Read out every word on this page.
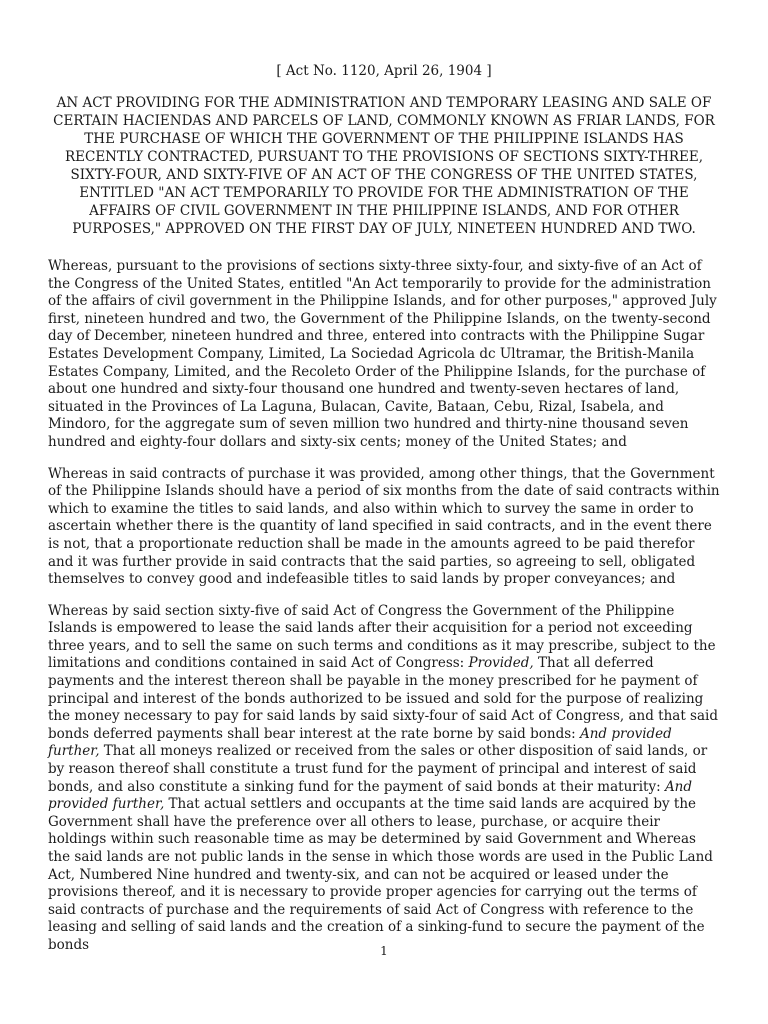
[ Act No. 1120, April 26, 1904 ]

AN ACT PROVIDING FOR THE ADMINISTRATION AND TEMPORARY LEASING AND SALE OF CERTAIN HACIENDAS AND PARCELS OF LAND, COMMONLY KNOWN AS FRIAR LANDS, FOR THE PURCHASE OF WHICH THE GOVERNMENT OF THE PHILIPPINE ISLANDS HAS RECENTLY CONTRACTED, PURSUANT TO THE PROVISIONS OF SECTIONS SIXTY-THREE, SIXTY-FOUR, AND SIXTY-FIVE OF AN ACT OF THE CONGRESS OF THE UNITED STATES, ENTITLED "AN ACT TEMPORARILY TO PROVIDE FOR THE ADMINISTRATION OF THE AFFAIRS OF CIVIL GOVERNMENT IN THE PHILIPPINE ISLANDS, AND FOR OTHER PURPOSES," APPROVED ON THE FIRST DAY OF JULY, NINETEEN HUNDRED AND TWO.

Whereas, pursuant to the provisions of sections sixty-three sixty-four, and sixty-five of an Act of the Congress of the United States, entitled "An Act temporarily to provide for the administration of the affairs of civil government in the Philippine Islands, and for other purposes," approved July first, nineteen hundred and two, the Government of the Philippine Islands, on the twenty-second day of December, nineteen hundred and three, entered into contracts with the Philippine Sugar Estates Development Company, Limited, La Sociedad Agricola dc Ultramar, the British-Manila Estates Company, Limited, and the Recoleto Order of the Philippine Islands, for the purchase of about one hundred and sixty-four thousand one hundred and twenty-seven hectares of land, situated in the Provinces of La Laguna, Bulacan, Cavite, Bataan, Cebu, Rizal, Isabela, and Mindoro, for the aggregate sum of seven million two hundred and thirty-nine thousand seven hundred and eighty-four dollars and sixty-six cents; money of the United States; and

Whereas in said contracts of purchase it was provided, among other things, that the Government of the Philippine Islands should have a period of six months from the date of said contracts within which to examine the titles to said lands, and also within which to survey the same in order to ascertain whether there is the quantity of land specified in said contracts, and in the event there is not, that a proportionate reduction shall be made in the amounts agreed to be paid therefor and it was further provide in said contracts that the said parties, so agreeing to sell, obligated themselves to convey good and indefeasible titles to said lands by proper conveyances; and

Whereas by said section sixty-five of said Act of Congress the Government of the Philippine Islands is empowered to lease the said lands after their acquisition for a period not exceeding three years, and to sell the same on such terms and conditions as it may prescribe, subject to the limitations and conditions contained in said Act of Congress: Provided, That all deferred payments and the interest thereon shall be payable in the money prescribed for he payment of principal and interest of the bonds authorized to be issued and sold for the purpose of realizing the money necessary to pay for said lands by said sixty-four of said Act of Congress, and that said bonds deferred payments shall bear interest at the rate borne by said bonds: And provided further, That all moneys realized or received from the sales or other disposition of said lands, or by reason thereof shall constitute a trust fund for the payment of principal and interest of said bonds, and also constitute a sinking fund for the payment of said bonds at their maturity: And provided further, That actual settlers and occupants at the time said lands are acquired by the Government shall have the preference over all others to lease, purchase, or acquire their holdings within such reasonable time as may be determined by said Government and Whereas the said lands are not public lands in the sense in which those words are used in the Public Land Act, Numbered Nine hundred and twenty-six, and can not be acquired or leased under the provisions thereof, and it is necessary to provide proper agencies for carrying out the terms of said contracts of purchase and the requirements of said Act of Congress with reference to the leasing and selling of said lands and the creation of a sinking-fund to secure the payment of the bonds	1
